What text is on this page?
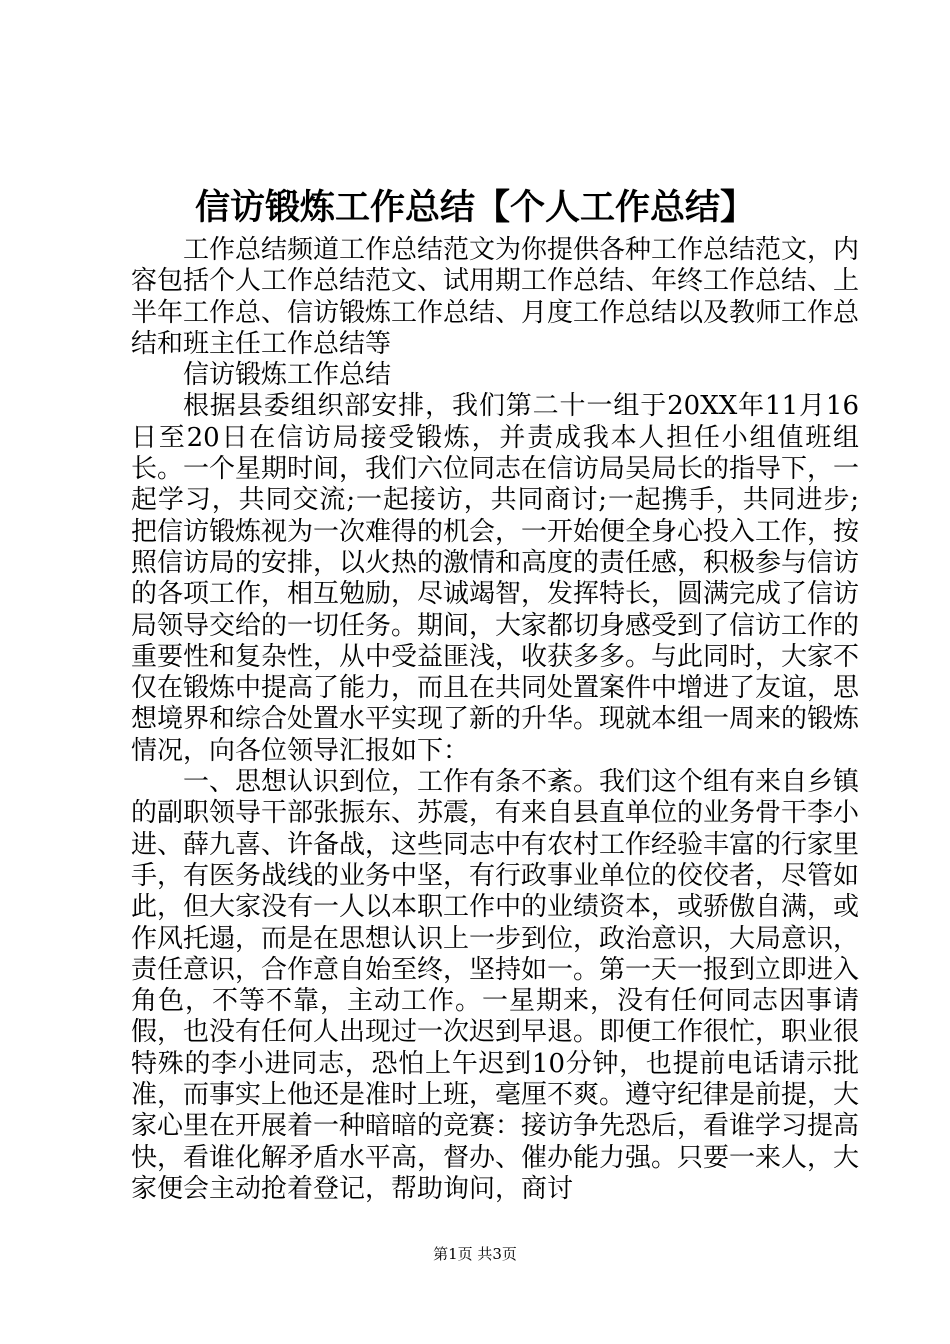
信访锻炼工作总结【个人工作总结】

工作总结频道工作总结范文为你提供各种工作总结范文，内容包括个人工作总结范文、试用期工作总结、年终工作总结、上半年工作总、信访锻炼工作总结、月度工作总结以及教师工作总结和班主任工作总结等

信访锻炼工作总结

根据县委组织部安排，我们第二十一组于20XX年11月16日至20日在信访局接受锻炼，并责成我本人担任小组值班组长。一个星期时间，我们六位同志在信访局吴局长的指导下，一起学习，共同交流;一起接访，共同商讨;一起携手，共同进步;把信访锻炼视为一次难得的机会，一开始便全身心投入工作，按照信访局的安排，以火热的激情和高度的责任感，积极参与信访的各项工作，相互勉励，尽诚竭智，发挥特长，圆满完成了信访局领导交给的一切任务。期间，大家都切身感受到了信访工作的重要性和复杂性，从中受益匪浅，收获多多。与此同时，大家不仅在锻炼中提高了能力，而且在共同处置案件中增进了友谊，思想境界和综合处置水平实现了新的升华。现就本组一周来的锻炼情况，向各位领导汇报如下：

一、思想认识到位，工作有条不紊。我们这个组有来自乡镇的副职领导干部张振东、苏震，有来自县直单位的业务骨干李小进、薛九喜、许备战，这些同志中有农村工作经验丰富的行家里手，有医务战线的业务中坚，有行政事业单位的佼佼者，尽管如此，但大家没有一人以本职工作中的业绩资本，或骄傲自满，或作风托遢，而是在思想认识上一步到位，政治意识，大局意识，责任意识，合作意自始至终，坚持如一。第一天一报到立即进入角色，不等不靠，主动工作。一星期来，没有任何同志因事请假，也没有任何人出现过一次迟到早退。即便工作很忙，职业很特殊的李小进同志，恐怕上午迟到10分钟，也提前电话请示批准，而事实上他还是准时上班，毫厘不爽。遵守纪律是前提，大家心里在开展着一种暗暗的竞赛：接访争先恐后，看谁学习提高快，看谁化解矛盾水平高，督办、催办能力强。只要一来人，大家便会主动抢着登记，帮助询问，商讨

第1页 共3页
